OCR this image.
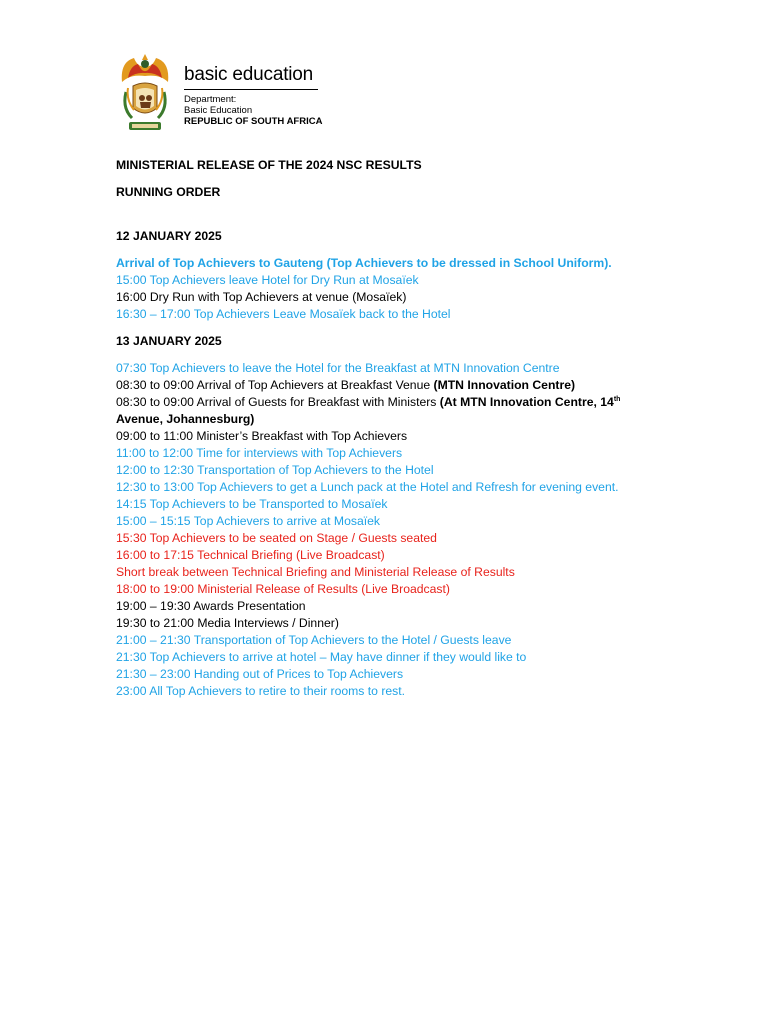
basic education
Department:
Basic Education
REPUBLIC OF SOUTH AFRICA
MINISTERIAL RELEASE OF THE 2024 NSC RESULTS
RUNNING ORDER
12 JANUARY 2025
Arrival of Top Achievers to Gauteng (Top Achievers to be dressed in School Uniform).
15:00 Top Achievers leave Hotel for Dry Run at Mosaïek
16:00 Dry Run with Top Achievers at venue (Mosaïek)
16:30 – 17:00 Top Achievers Leave Mosaïek back to the Hotel
13 JANUARY 2025
07:30 Top Achievers to leave the Hotel for the Breakfast at MTN Innovation Centre
08:30 to 09:00 Arrival of Top Achievers at Breakfast Venue (MTN Innovation Centre)
08:30 to 09:00 Arrival of Guests for Breakfast with Ministers (At MTN Innovation Centre, 14th
Avenue, Johannesburg)
09:00 to 11:00 Minister’s Breakfast with Top Achievers
11:00 to 12:00 Time for interviews with Top Achievers
12:00 to 12:30 Transportation of Top Achievers to the Hotel
12:30 to 13:00 Top Achievers to get a Lunch pack at the Hotel and Refresh for evening event.
14:15 Top Achievers to be Transported to Mosaïek
15:00 – 15:15 Top Achievers to arrive at Mosaïek
15:30 Top Achievers to be seated on Stage / Guests seated
16:00 to 17:15 Technical Briefing (Live Broadcast)
Short break between Technical Briefing and Ministerial Release of Results
18:00 to 19:00 Ministerial Release of Results (Live Broadcast)
19:00 – 19:30 Awards Presentation
19:30 to 21:00 Media Interviews / Dinner)
21:00 – 21:30 Transportation of Top Achievers to the Hotel / Guests leave
21:30 Top Achievers to arrive at hotel – May have dinner if they would like to
21:30 – 23:00 Handing out of Prices to Top Achievers
23:00 All Top Achievers to retire to their rooms to rest.
